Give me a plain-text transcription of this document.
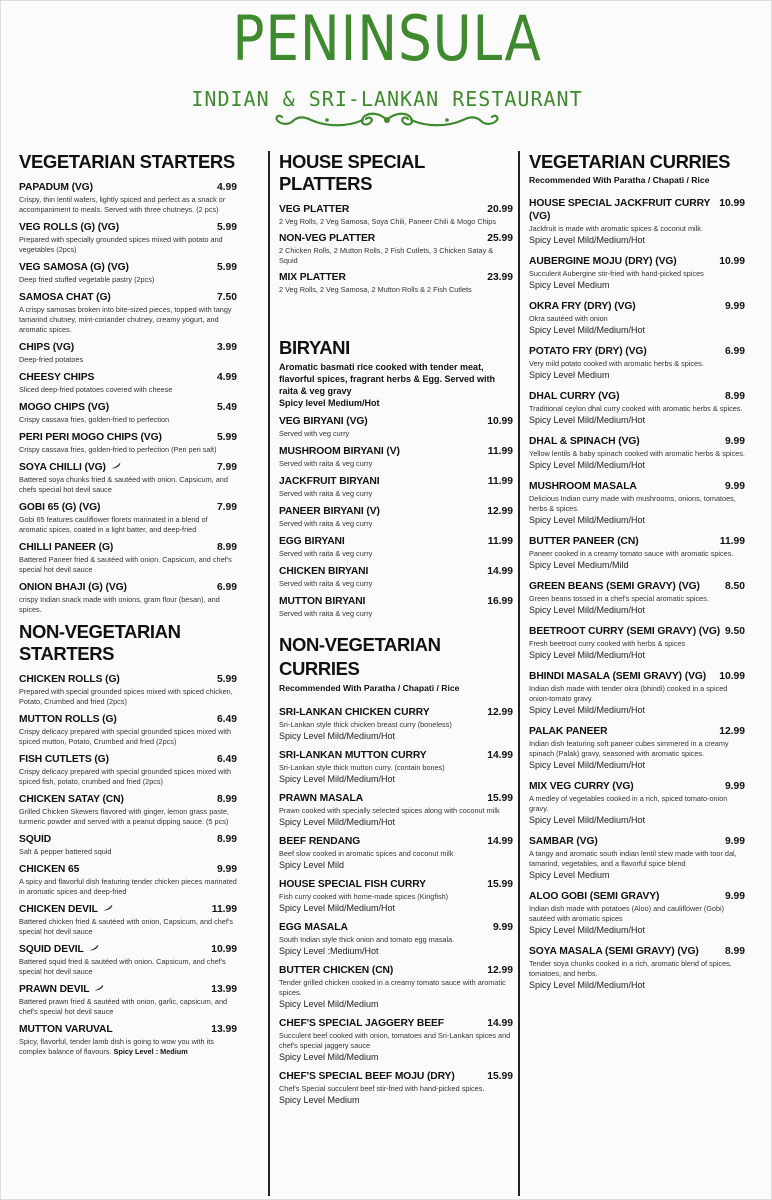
PENINSULA
INDIAN & SRI-LANKAN RESTAURANT
VEGETARIAN STARTERS
PAPADUM (VG)	4.99
Crispy, thin lentil wafers, lightly spiced and perfect as a snack or accompaniment to meals. Served with three chutneys. (2 pcs)
VEG ROLLS (G) (VG)	5.99
Prepared with specially grounded spices mixed with potato and vegetables (2pcs)
VEG SAMOSA (G) (VG)	5.99
Deep fried stuffed vegetable pastry (2pcs)
SAMOSA CHAT (G)	7.50
A crispy samosas broken into bite-sized pieces, topped with tangy tamarind chutney, mint-coriander chutney, creamy yogurt, and aromatic spices.
CHIPS (VG)	3.99
Deep-fried potatoes
CHEESY CHIPS	4.99
Sliced deep-fried potatoes covered with cheese
MOGO CHIPS (VG)	5.49
Crispy cassava fries, golden-fried to perfection
PERI PERI MOGO CHIPS (VG)	5.99
Crispy cassava fries, golden-fried to perfection (Peri peri salt)
SOYA CHILLI (VG)	7.99
Battered soya chunks fried & sautéed with onion. Capsicum, and chefs special hot devil sauce
GOBI 65 (G) (VG)	7.99
Gobi 65 features cauliflower florets marinated in a blend of aromatic spices, coated in a light batter, and deep-fried
CHILLI PANEER (G)	8.99
Battered Paneer fried & sautéed with onion. Capsicum, and chef's special hot devil sauce
ONION BHAJI (G) (VG)	6.99
crispy Indian snack made with onions, gram flour (besan), and spices.
NON-VEGETARIAN STARTERS
CHICKEN ROLLS (G)	5.99
Prepared with special grounded spices mixed with spiced chicken, Potato, Crumbed and fried (2pcs)
MUTTON ROLLS (G)	6.49
Crispy delicacy prepared with special grounded spices mixed with spiced mutton, Potato, Crumbed and fried (2pcs)
FISH CUTLETS (G)	6.49
Crispy delicacy prepared with special grounded spices mixed with spiced fish, potato, crumbed and fried (2pcs)
CHICKEN SATAY (CN)	8.99
Grilled Chicken Skewers flavored with ginger, lemon grass paste, turmeric powder and served with a peanut dipping sauce. (5 pcs)
SQUID	8.99
Salt & pepper battered squid
CHICKEN 65	9.99
A spicy and flavorful dish featuring tender chicken pieces marinated in aromatic spices and deep-fried
CHICKEN DEVIL	11.99
Battered chicken fried & sautéed with onion, Capsicum, and chef's special hot devil sauce
SQUID DEVIL	10.99
Battered squid fried & sautéed with onion. Capsicum, and chef's special hot devil sauce
PRAWN DEVIL	13.99
Battered prawn fried & sautéed with onion, garlic, capsicum, and chef's special hot devil sauce
MUTTON VARUVAL	13.99
Spicy, flavorful, tender lamb dish is going to wow you with its complex balance of flavours. Spicy Level : Medium
HOUSE SPECIAL PLATTERS
VEG PLATTER	20.99
2 Veg Rolls, 2 Veg Samosa, Soya Chili, Paneer Chili & Mogo Chips
NON-VEG PLATTER	25.99
2 Chicken Rolls, 2 Mutton Rolls, 2 Fish Cutlets, 3 Chicken Satay & Squid
MIX PLATTER	23.99
2 Veg Rolls, 2 Veg Samosa, 2 Mutton Rolls & 2 Fish Cutlets
BIRYANI
Aromatic basmati rice cooked with tender meat, flavorful spices, fragrant herbs & Egg. Served with raita & veg gravy
Spicy level Medium/Hot
VEG BIRYANI (VG)	10.99
Served with veg curry
MUSHROOM BIRYANI (V)	11.99
Served with raita & veg curry
JACKFRUIT BIRYANI	11.99
Served with raita & veg curry
PANEER BIRYANI (V)	12.99
Served with raita & veg curry
EGG BIRYANI	11.99
Served with raita & veg curry
CHICKEN BIRYANI	14.99
Served with raita & veg curry
MUTTON BIRYANI	16.99
Served with raita & veg curry
NON-VEGETARIAN
CURRIES
Recommended With Paratha / Chapati / Rice
SRI-LANKAN CHICKEN CURRY	12.99
Sri-Lankan style thick chicken breast curry (boneless)
Spicy Level Mild/Medium/Hot
SRI-LANKAN MUTTON CURRY	14.99
Sri-Lankan style thick mutton curry. (contain bones)
Spicy Level Mild/Medium/Hot
PRAWN MASALA	15.99
Prawn cooked with specially selected spices along with coconut milk
Spicy Level Mild/Medium/Hot
BEEF RENDANG	14.99
Beef slow cooked in aromatic spices and coconut milk
Spicy Level Mild
HOUSE SPECIAL FISH CURRY	15.99
Fish curry cooked with home-made spices (Kingfish)
Spicy Level Mild/Medium/Hot
EGG MASALA	9.99
South Indian style thick onion and tomato egg masala.
Spicy Level :Medium/Hot
BUTTER CHICKEN (CN)	12.99
Tender grilled chicken cooked in a creamy tomato sauce with aromatic spices.
Spicy Level Mild/Medium
CHEF'S SPECIAL JAGGERY BEEF	14.99
Succulent beef cooked with onion, tomatoes and Sri-Lankan spices and chef's special jaggery sauce
Spicy Level Mild/Medium
CHEF'S SPECIAL BEEF MOJU (DRY)	15.99
Chef's Special succulent beef stir-fried with hand-picked spices.
Spicy Level Medium
VEGETARIAN CURRIES
Recommended With Paratha / Chapati / Rice
HOUSE SPECIAL JACKFRUIT CURRY (VG)
10.99
Jackfruit is made with aromatic spices & coconut milk.
Spicy Level Mild/Medium/Hot
AUBERGINE MOJU (DRY) (VG)	10.99
Succulent Aubergine stir-fried with hand-picked spices
Spicy Level Medium
OKRA FRY (DRY) (VG)	9.99
Okra sautéed with onion
Spicy Level Mild/Medium/Hot
POTATO FRY (DRY) (VG)	6.99
Very mild potato cooked with aromatic herbs & spices.
Spicy Level Medium
DHAL CURRY (VG)	8.99
Traditional ceylon dhal curry cooked with aromatic herbs & spices.
Spicy Level Mild/Medium/Hot
DHAL & SPINACH (VG)	9.99
Yellow lentils & baby spinach cooked with aromatic herbs & spices.
Spicy Level Mild/Medium/Hot
MUSHROOM MASALA	9.99
Delicious Indian curry made with mushrooms, onions, tomatoes, herbs & spices.
Spicy Level Mild/Medium/Hot
BUTTER PANEER (CN)	11.99
Paneer cooked in a creamy tomato sauce with aromatic spices.
Spicy Level Medium/Mild
GREEN BEANS (SEMI GRAVY) (VG) 8.50
Green beans tossed in a chef's special aromatic spices.
Spicy Level Mild/Medium/Hot
BEETROOT CURRY (SEMI GRAVY) (VG) 9.50
Fresh beetroot curry cooked with herbs & spices
Spicy Level Mild/Medium/Hot
BHINDI MASALA (SEMI GRAVY) (VG) 10.99
Indian dish made with tender okra (bhindi) cooked in a spiced onion-tomato gravy.
Spicy Level Mild/Medium/Hot
PALAK PANEER	12.99
Indian dish featuring soft paneer cubes simmered in a creamy spinach (Palak) gravy, seasoned with aromatic spices.
Spicy Level Mild/Medium/Hot
MIX VEG CURRY (VG)	9.99
A medley of vegetables cooked in a rich, spiced tomato-onion gravy.
Spicy Level Mild/Medium/Hot
SAMBAR (VG)	9.99
A tangy and aromatic south indian lentil stew made with toor dal, tamarind, vegetables, and a flavorful spice blend
Spicy Level Medium
ALOO GOBI (SEMI GRAVY)	9.99
Indian dish made with potatoes (Aloo) and cauliflower (Gobi) sautéed with aromatic spices
Spicy Level Mild/Medium/Hot
SOYA MASALA (SEMI GRAVY) (VG)	8.99
Tender soya chunks cooked in a rich, aromatic blend of spices, tomatoes, and herbs.
Spicy Level Mild/Medium/Hot
